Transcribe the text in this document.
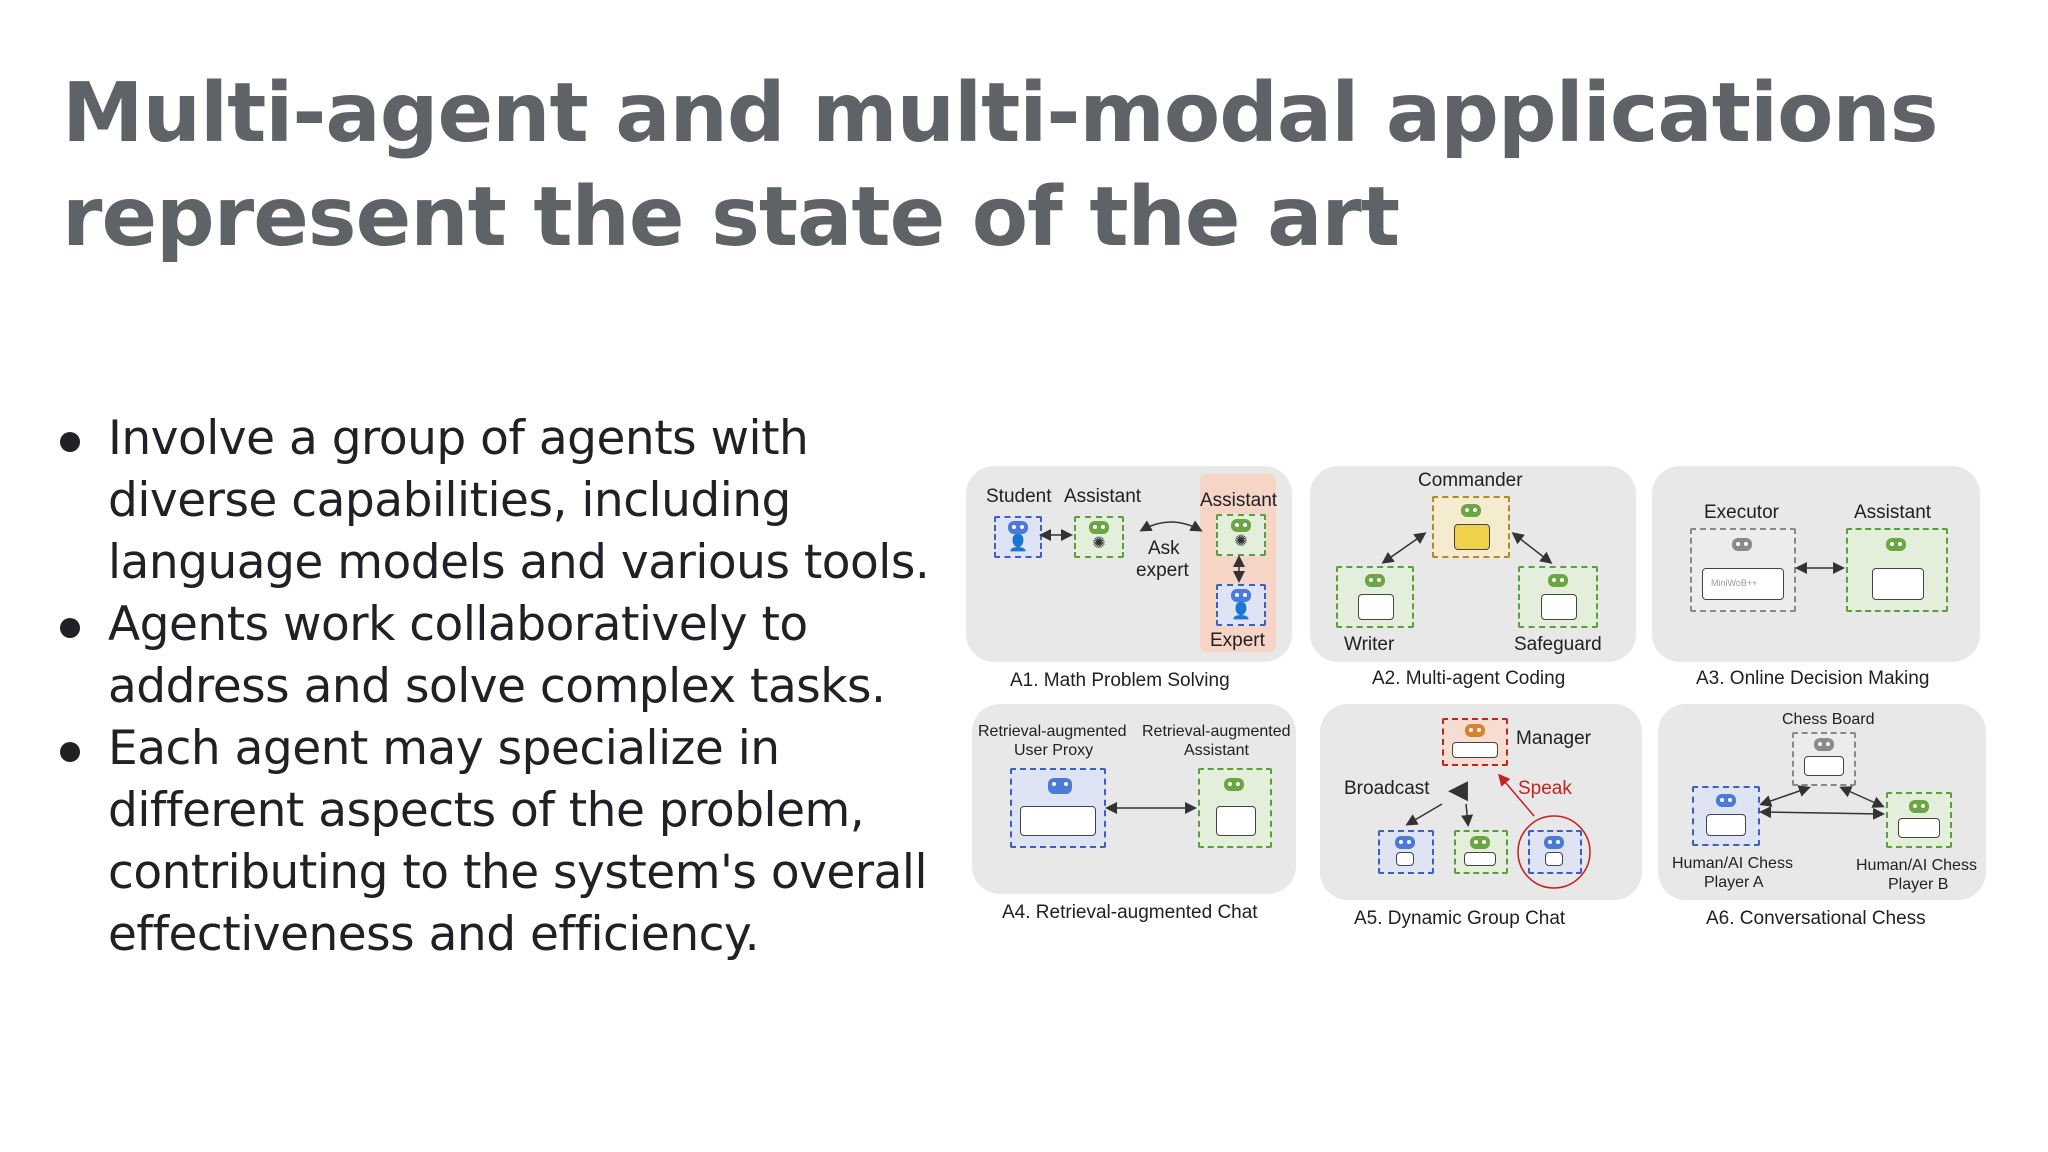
Multi-agent and multi-modal applications
represent the state of the art
Involve a group of agents with diverse capabilities, including language models and various tools.
Agents work collaboratively to address and solve complex tasks.
Each agent may specialize in different aspects of the problem, contributing to the system's overall effectiveness and efficiency.
Student Assistant	Assistant
Ask
expert
Expert
👤	✺	✺
👤
A1. Math Problem Solving
Commander
Writer	Safeguard
A2. Multi-agent Coding
Executor	Assistant
MiniWoB++
A3. Online Decision Making
Retrieval-augmented
User Proxy
Retrieval-augmented
Assistant
A4. Retrieval-augmented Chat
Manager
Broadcast	Speak
◀
A5. Dynamic Group Chat
Chess Board
Human/AI Chess
Player A
Human/AI Chess
Player B
A6. Conversational Chess
